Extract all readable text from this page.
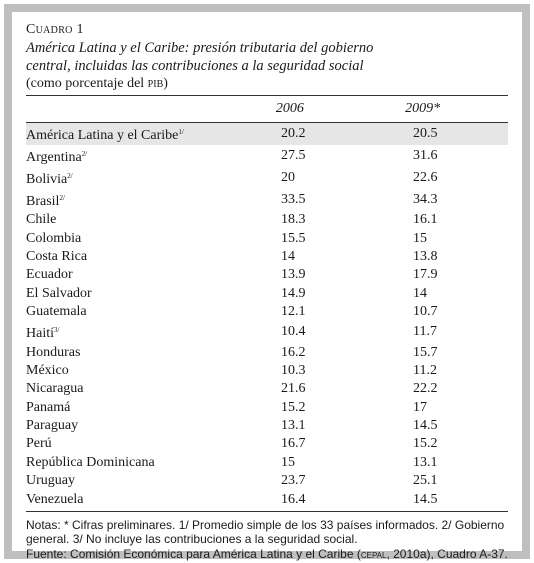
Cuadro 1
América Latina y el Caribe: presión tributaria del gobierno
central, incluidas las contribuciones a la seguridad social
(como porcentaje del pib)
2006	2009*
América Latina y el Caribe$^{1/}$	20.2	20.5
Argentina$^{2/}$	27.5	31.6
Bolivia$^{2/}$	20	22.6
Brasil$^{2/}$	33.5	34.3
Chile	18.3	16.1
Colombia	15.5	15
Costa Rica	14	13.8
Ecuador	13.9	17.9
El Salvador	14.9	14
Guatemala	12.1	10.7
Haití$^{3/}$	10.4	11.7
Honduras	16.2	15.7
México	10.3	11.2
Nicaragua	21.6	22.2
Panamá	15.2	17
Paraguay	13.1	14.5
Perú	16.7	15.2
República Dominicana	15	13.1
Uruguay	23.7	25.1
Venezuela	16.4	14.5
Notas: * Cifras preliminares. 1/ Promedio simple de los 33 países informados. 2/ Gobierno
general. 3/ No incluye las contribuciones a la seguridad social.
Fuente: Comisión Económica para América Latina y el Caribe (cepal, 2010a), Cuadro A-37.
